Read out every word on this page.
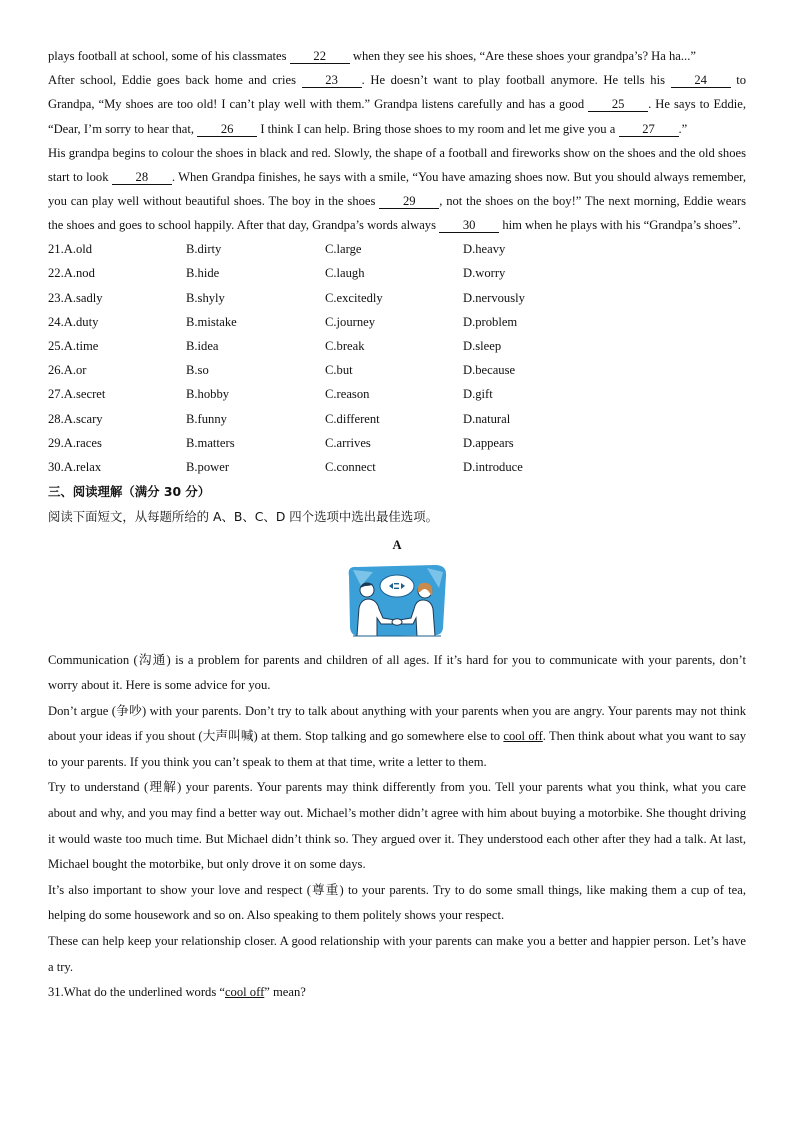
plays football at school, some of his classmates 22 when they see his shoes, “Are these shoes your grandpa’s? Ha ha...”

After school, Eddie goes back home and cries 23 . He doesn’t want to play football anymore. He tells his 24 to Grandpa, “My shoes are too old! I can’t play well with them.” Grandpa listens carefully and has a good 25 . He says to Eddie, “Dear, I’m sorry to hear that, 26 I think I can help. Bring those shoes to my room and let me give you a 27 .”

His grandpa begins to colour the shoes in black and red. Slowly, the shape of a football and fireworks show on the shoes and the old shoes start to look 28 . When Grandpa finishes, he says with a smile, “You have amazing shoes now. But you should always remember, you can play well without beautiful shoes. The boy in the shoes 29 , not the shoes on the boy!” The next morning, Eddie wears the shoes and goes to school happily. After that day, Grandpa’s words always 30 him when he plays with his “Grandpa’s shoes”.

21.A.old	B.dirty	C.large	D.heavy
22.A.nod	B.hide	C.laugh	D.worry
23.A.sadly	B.shyly	C.excitedly	D.nervously
24.A.duty	B.mistake	C.journey	D.problem
25.A.time	B.idea	C.break	D.sleep
26.A.or	B.so	C.but	D.because
27.A.secret	B.hobby	C.reason	D.gift
28.A.scary	B.funny	C.different	D.natural
29.A.races	B.matters	C.arrives	D.appears
30.A.relax	B.power	C.connect	D.introduce

三、阅读理解（满分 30 分）

阅读下面短文，从每题所给的 A、B、C、D 四个选项中选出最佳选项。

A

Communication (沟通) is a problem for parents and children of all ages. If it’s hard for you to communicate with your parents, don’t worry about it. Here is some advice for you.

Don’t argue (争吵) with your parents. Don’t try to talk about anything with your parents when you are angry. Your parents may not think about your ideas if you shout (大声叫喊) at them. Stop talking and go somewhere else to cool off. Then think about what you want to say to your parents. If you think you can’t speak to them at that time, write a letter to them.

Try to understand (理解) your parents. Your parents may think differently from you. Tell your parents what you think, what you care about and why, and you may find a better way out. Michael’s mother didn’t agree with him about buying a motorbike. She thought driving it would waste too much time. But Michael didn’t think so. They argued over it. They understood each other after they had a talk. At last, Michael bought the motorbike, but only drove it on some days.

It’s also important to show your love and respect (尊重) to your parents. Try to do some small things, like making them a cup of tea, helping do some housework and so on. Also speaking to them politely shows your respect.

These can help keep your relationship closer. A good relationship with your parents can make you a better and happier person. Let’s have a try.

31.What do the underlined words “cool off” mean?
